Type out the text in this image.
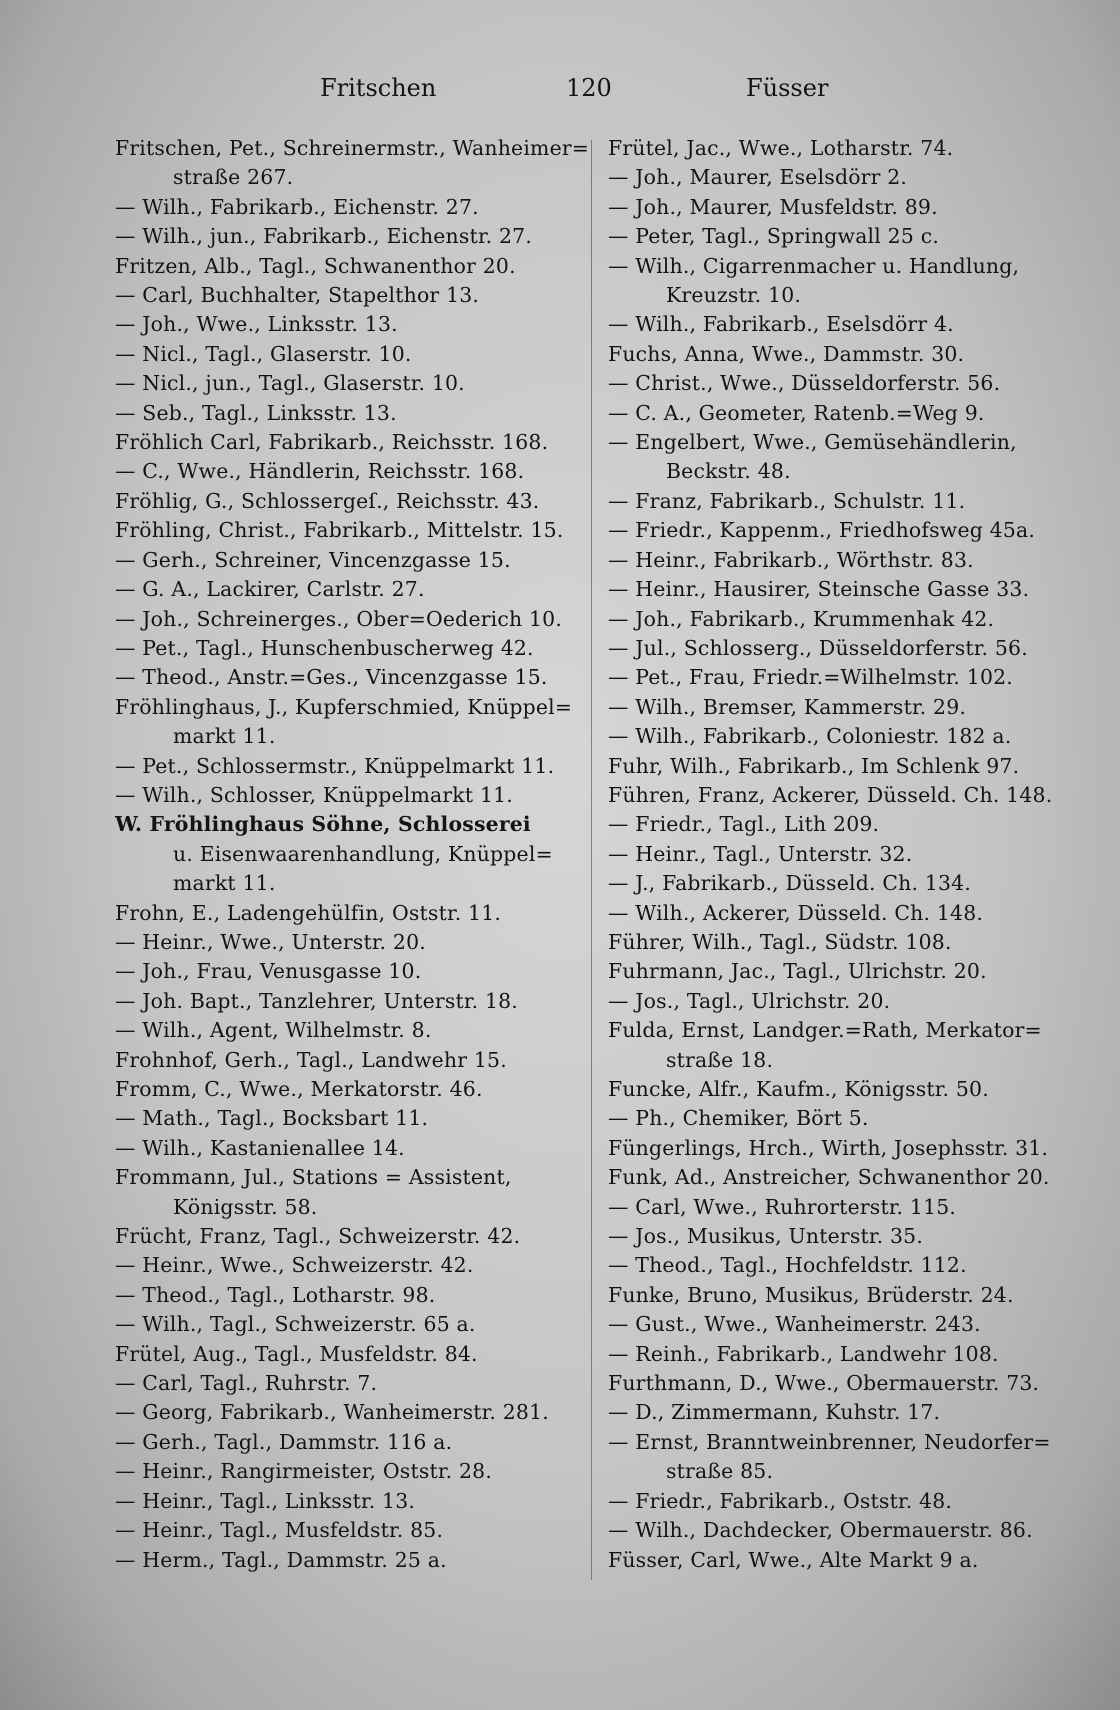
Fritschen	120	Füsser
Fritschen, Pet., Schreinermstr., Wanheimer=
straße 267.
— Wilh., Fabrikarb., Eichenstr. 27.
— Wilh., jun., Fabrikarb., Eichenstr. 27.
Fritzen, Alb., Tagl., Schwanenthor 20.
— Carl, Buchhalter, Stapelthor 13.
— Joh., Wwe., Linksstr. 13.
— Nicl., Tagl., Glaserstr. 10.
— Nicl., jun., Tagl., Glaserstr. 10.
— Seb., Tagl., Linksstr. 13.
Fröhlich Carl, Fabrikarb., Reichsstr. 168.
— C., Wwe., Händlerin, Reichsstr. 168.
Fröhlig, G., Schlossergeſ., Reichsstr. 43.
Fröhling, Christ., Fabrikarb., Mittelstr. 15.
— Gerh., Schreiner, Vincenzgasse 15.
— G. A., Lackirer, Carlstr. 27.
— Joh., Schreinerges., Ober=Oederich 10.
— Pet., Tagl., Hunschenbuscherweg 42.
— Theod., Anstr.=Ges., Vincenzgasse 15.
Fröhlinghaus, J., Kupferschmied, Knüppel=
markt 11.
— Pet., Schlossermstr., Knüppelmarkt 11.
— Wilh., Schlosser, Knüppelmarkt 11.
W. Fröhlinghaus Söhne, Schlosserei
u. Eisenwaarenhandlung, Knüppel=
markt 11.
Frohn, E., Ladengehülfin, Oststr. 11.
— Heinr., Wwe., Unterstr. 20.
— Joh., Frau, Venusgasse 10.
— Joh. Bapt., Tanzlehrer, Unterstr. 18.
— Wilh., Agent, Wilhelmstr. 8.
Frohnhof, Gerh., Tagl., Landwehr 15.
Fromm, C., Wwe., Merkatorstr. 46.
— Math., Tagl., Bocksbart 11.
— Wilh., Kastanienallee 14.
Frommann, Jul., Stations = Assistent,
Königsstr. 58.
Frücht, Franz, Tagl., Schweizerstr. 42.
— Heinr., Wwe., Schweizerstr. 42.
— Theod., Tagl., Lotharstr. 98.
— Wilh., Tagl., Schweizerstr. 65 a.
Frütel, Aug., Tagl., Musfeldstr. 84.
— Carl, Tagl., Ruhrstr. 7.
— Georg, Fabrikarb., Wanheimerstr. 281.
— Gerh., Tagl., Dammstr. 116 a.
— Heinr., Rangirmeister, Oststr. 28.
— Heinr., Tagl., Linksstr. 13.
— Heinr., Tagl., Musfeldstr. 85.
— Herm., Tagl., Dammstr. 25 a.
Frütel, Jac., Wwe., Lotharstr. 74.
— Joh., Maurer, Eselsdörr 2.
— Joh., Maurer, Musfeldstr. 89.
— Peter, Tagl., Springwall 25 c.
— Wilh., Cigarrenmacher u. Handlung,
Kreuzstr. 10.
— Wilh., Fabrikarb., Eselsdörr 4.
Fuchs, Anna, Wwe., Dammstr. 30.
— Christ., Wwe., Düsseldorferstr. 56.
— C. A., Geometer, Ratenb.=Weg 9.
— Engelbert, Wwe., Gemüsehändlerin,
Beckstr. 48.
— Franz, Fabrikarb., Schulstr. 11.
— Friedr., Kappenm., Friedhofsweg 45a.
— Heinr., Fabrikarb., Wörthstr. 83.
— Heinr., Hausirer, Steinsche Gasse 33.
— Joh., Fabrikarb., Krummenhak 42.
— Jul., Schlosserg., Düsseldorferstr. 56.
— Pet., Frau, Friedr.=Wilhelmstr. 102.
— Wilh., Bremser, Kammerstr. 29.
— Wilh., Fabrikarb., Coloniestr. 182 a.
Fuhr, Wilh., Fabrikarb., Im Schlenk 97.
Führen, Franz, Ackerer, Düsseld. Ch. 148.
— Friedr., Tagl., Lith 209.
— Heinr., Tagl., Unterstr. 32.
— J., Fabrikarb., Düsseld. Ch. 134.
— Wilh., Ackerer, Düsseld. Ch. 148.
Führer, Wilh., Tagl., Südstr. 108.
Fuhrmann, Jac., Tagl., Ulrichstr. 20.
— Jos., Tagl., Ulrichstr. 20.
Fulda, Ernst, Landger.=Rath, Merkator=
straße 18.
Funcke, Alfr., Kaufm., Königsstr. 50.
— Ph., Chemiker, Bört 5.
Füngerlings, Hrch., Wirth, Josephsstr. 31.
Funk, Ad., Anstreicher, Schwanenthor 20.
— Carl, Wwe., Ruhrorterstr. 115.
— Jos., Musikus, Unterstr. 35.
— Theod., Tagl., Hochfeldstr. 112.
Funke, Bruno, Musikus, Brüderstr. 24.
— Gust., Wwe., Wanheimerstr. 243.
— Reinh., Fabrikarb., Landwehr 108.
Furthmann, D., Wwe., Obermauerstr. 73.
— D., Zimmermann, Kuhstr. 17.
— Ernst, Branntweinbrenner, Neudorfer=
straße 85.
— Friedr., Fabrikarb., Oststr. 48.
— Wilh., Dachdecker, Obermauerstr. 86.
Füsser, Carl, Wwe., Alte Markt 9 a.
